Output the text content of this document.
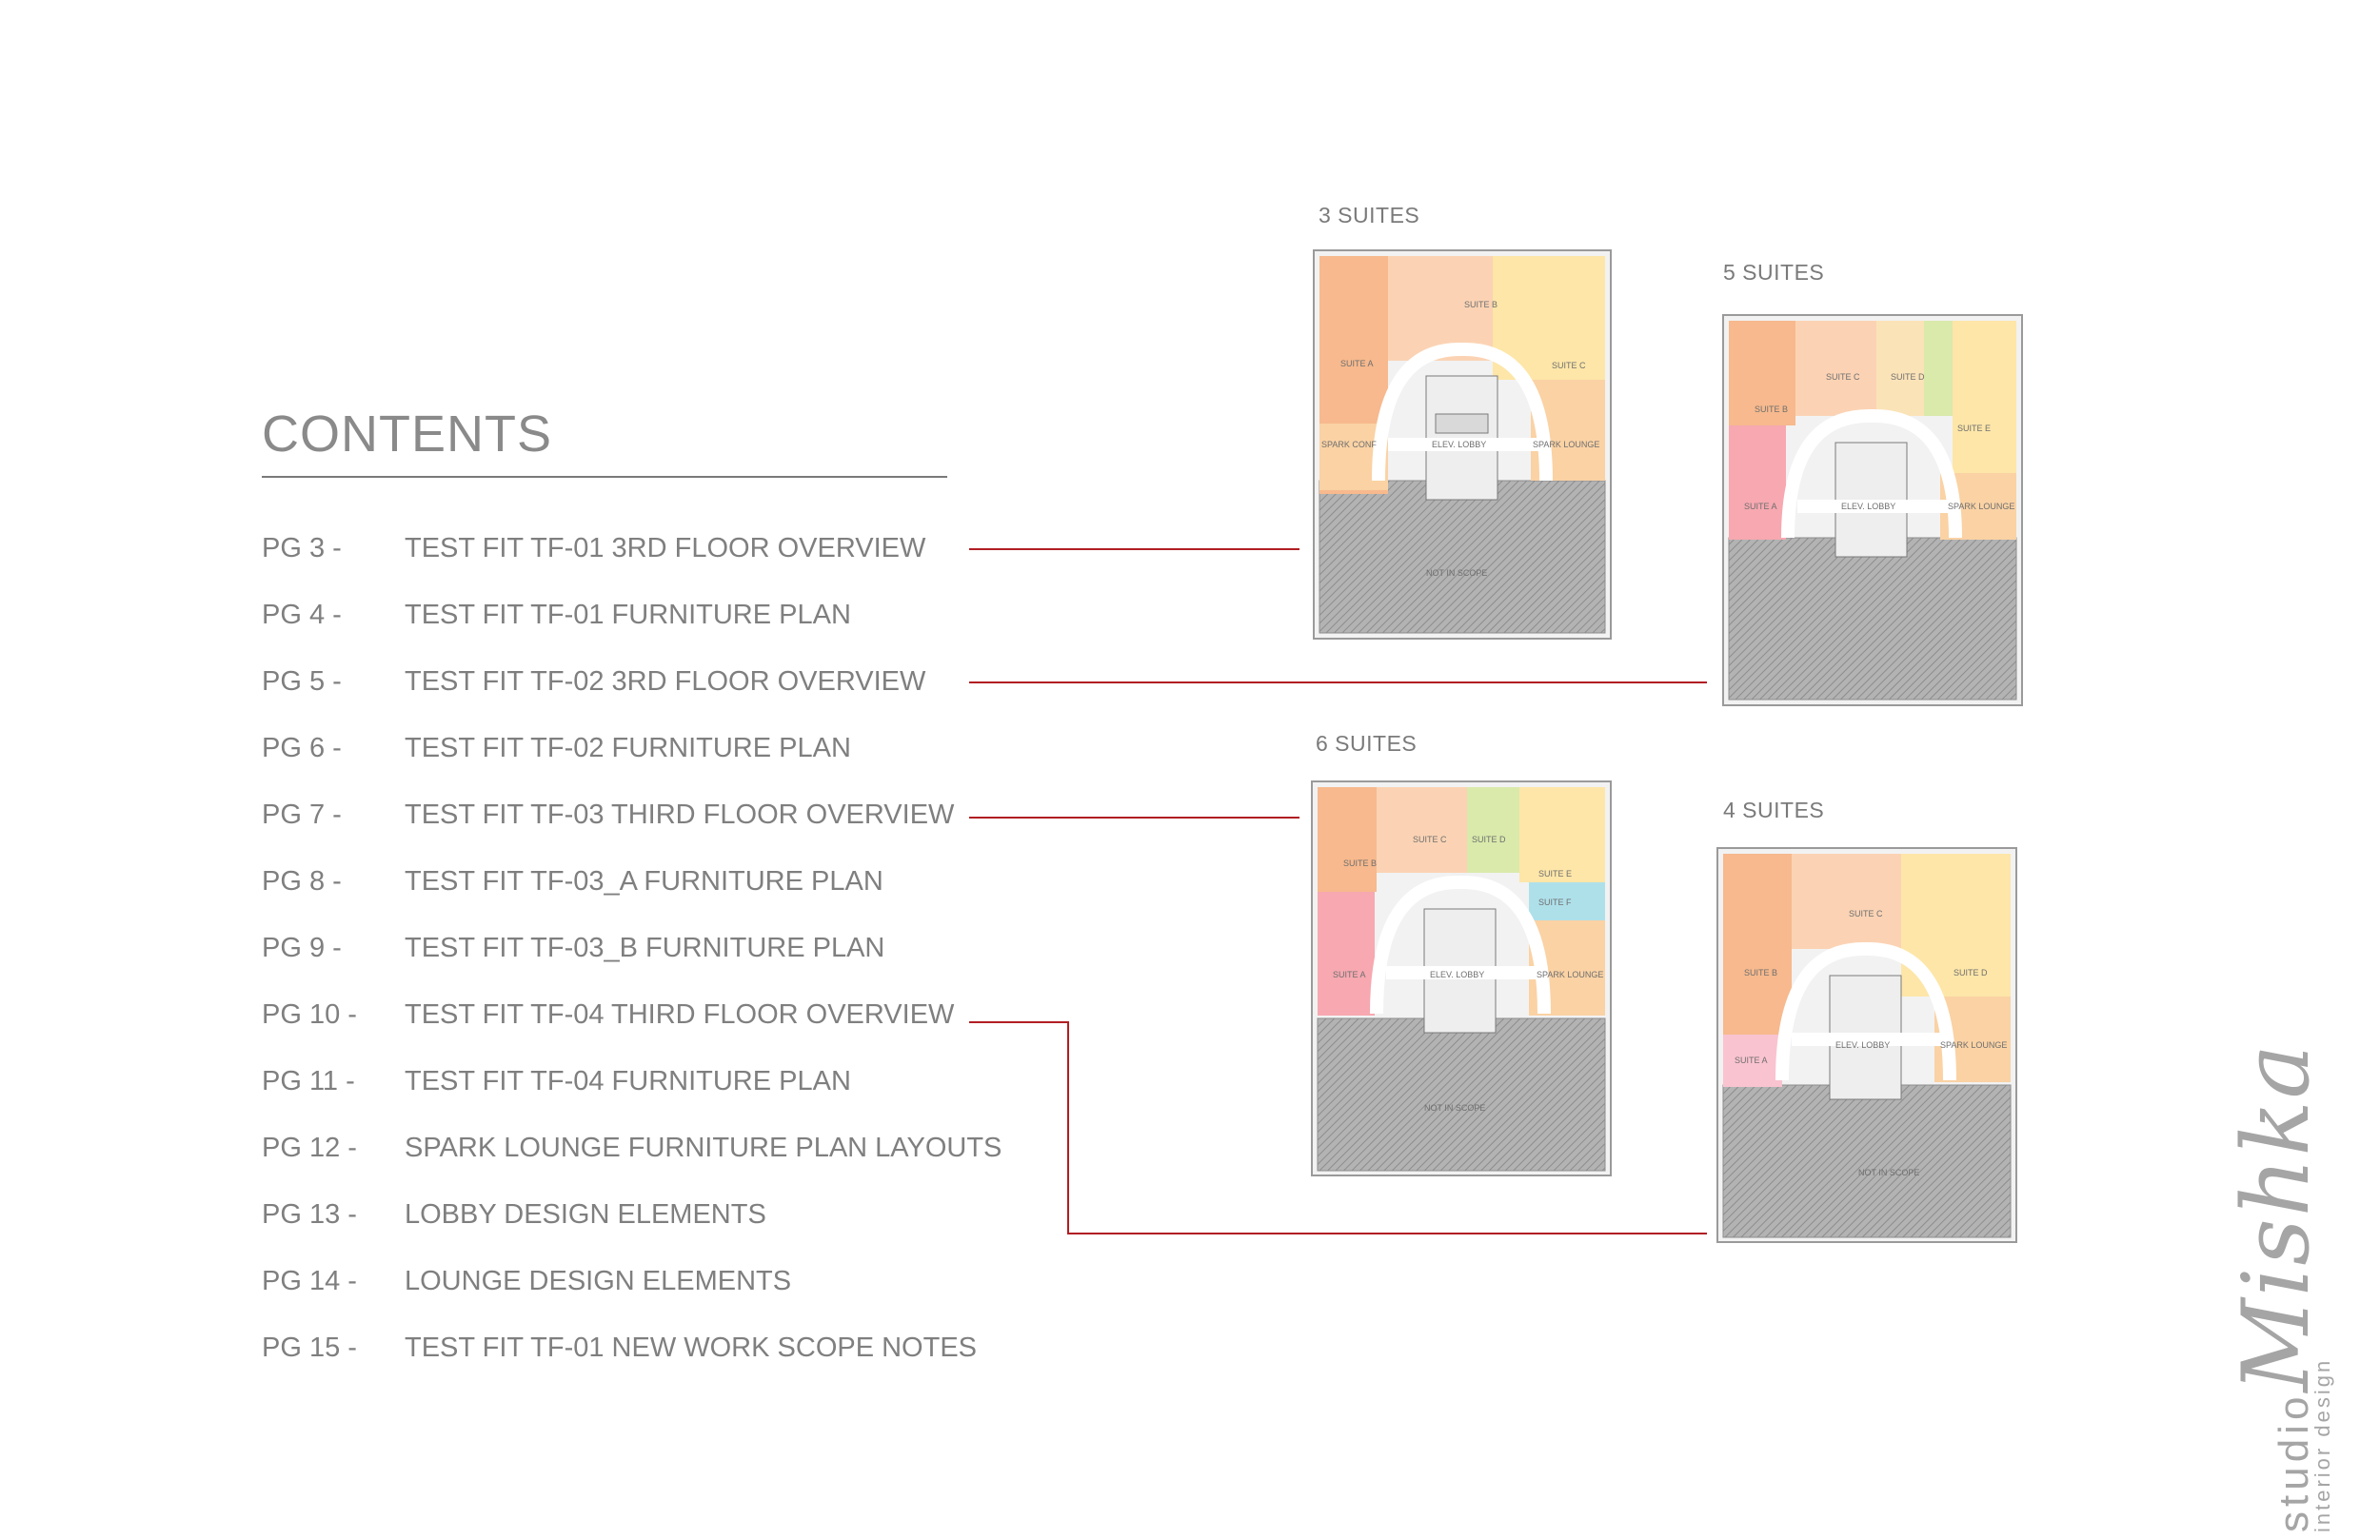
CONTENTS
PG 3 - TEST FIT TF-01 3RD FLOOR OVERVIEW
PG 4 - TEST FIT TF-01 FURNITURE PLAN
PG 5 - TEST FIT TF-02 3RD FLOOR OVERVIEW
PG 6 - TEST FIT TF-02 FURNITURE PLAN
PG 7 - TEST FIT TF-03 THIRD FLOOR OVERVIEW
PG 8 - TEST FIT TF-03_A FURNITURE PLAN
PG 9 - TEST FIT TF-03_B FURNITURE PLAN
PG 10 - TEST FIT TF-04 THIRD FLOOR OVERVIEW
PG 11 - TEST FIT TF-04 FURNITURE PLAN
PG 12 - SPARK LOUNGE FURNITURE PLAN LAYOUTS
PG 13 - LOBBY DESIGN ELEMENTS
PG 14 - LOUNGE DESIGN ELEMENTS
PG 15 - TEST FIT TF-01 NEW WORK SCOPE NOTES
3 SUITES
SUITE B
SUITE A	SUITE C
SPARK CONF	ELEV. LOBBY	SPARK LOUNGE
NOT IN SCOPE
5 SUITES
SUITE B
SUITE C	SUITE D
SUITE E
SUITE A	ELEV. LOBBY	SPARK LOUNGE
6 SUITES
SUITE B
SUITE C	SUITE D
SUITE E
SUITE F
SUITE A	ELEV. LOBBY	SPARK LOUNGE
NOT IN SCOPE
4 SUITES
SUITE B
SUITE C
SUITE D
SUITE A
ELEV. LOBBY	SPARK LOUNGE
NOT IN SCOPE
studioMishka
interior design
